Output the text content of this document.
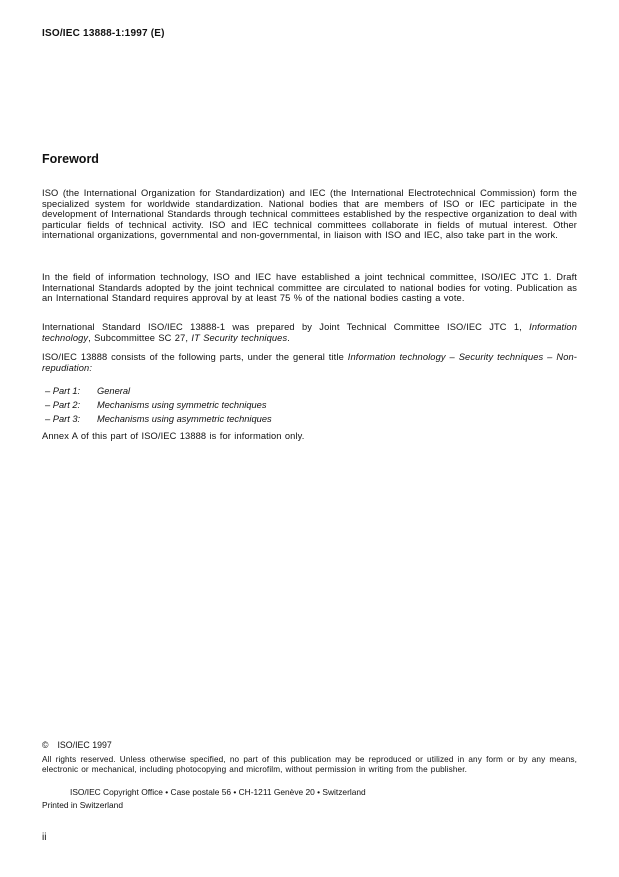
ISO/IEC 13888-1:1997 (E)
Foreword

ISO (the International Organization for Standardization) and IEC (the International Electrotechnical Commission) form the specialized system for worldwide standardization. National bodies that are members of ISO or IEC participate in the development of International Standards through technical committees established by the respective organization to deal with particular fields of technical activity. ISO and IEC technical committees collaborate in fields of mutual interest. Other international organizations, governmental and non-governmental, in liaison with ISO and IEC, also take part in the work.

In the field of information technology, ISO and IEC have established a joint technical committee, ISO/IEC JTC 1. Draft International Standards adopted by the joint technical committee are circulated to national bodies for voting. Publication as an International Standard requires approval by at least 75 % of the national bodies casting a vote.

International Standard ISO/IEC 13888-1 was prepared by Joint Technical Committee ISO/IEC JTC 1, Information technology, Subcommittee SC 27, IT Security techniques.

ISO/IEC 13888 consists of the following parts, under the general title Information technology – Security techniques – Non-repudiation:

– Part 1:	General
– Part 2:	Mechanisms using symmetric techniques
– Part 3:	Mechanisms using asymmetric techniques

Annex A of this part of ISO/IEC 13888 is for information only.

© ISO/IEC 1997

All rights reserved. Unless otherwise specified, no part of this publication may be reproduced or utilized in any form or by any means, electronic or mechanical, including photocopying and microfilm, without permission in writing from the publisher.

ISO/IEC Copyright Office • Case postale 56 • CH-1211 Genève 20 • Switzerland
Printed in Switzerland
ii
